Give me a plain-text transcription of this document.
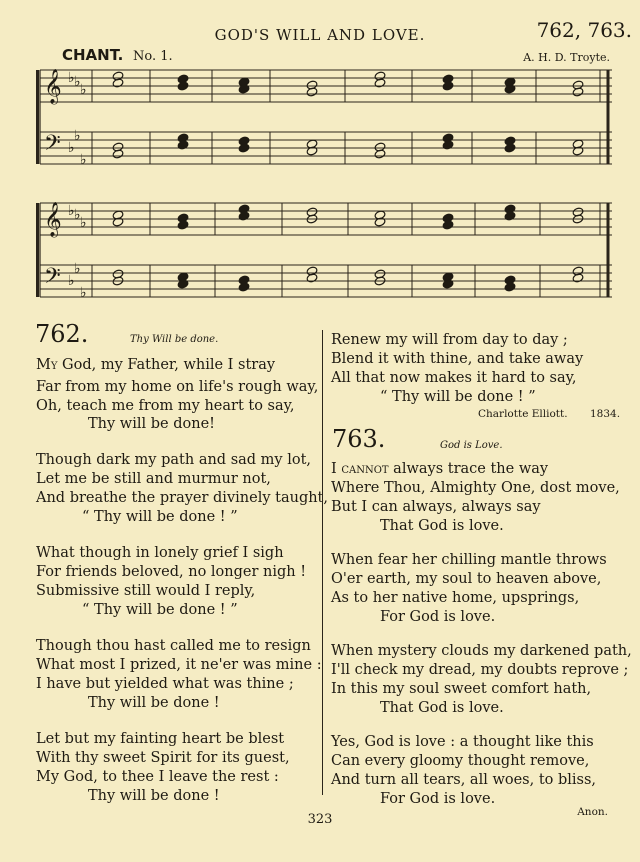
GOD'S WILL AND LOVE.	762, 763.
CHANT. No. 1.	A. H. D. Troyte.
𝄞 ♭ ♭ ♭
𝄢 ♭
♭
♭
𝄞 ♭ ♭ ♭
𝄢 ♭
♭
♭
762.	Thy Will be done.
My God, my Father, while I stray
Far from my home on life's rough way,
Oh, teach me from my heart to say,
Thy will be done!
Though dark my path and sad my lot,
Let me be still and murmur not,
And breathe the prayer divinely taught,
“ Thy will be done ! ”
What though in lonely grief I sigh
For friends beloved, no longer nigh !
Submissive still would I reply,
“ Thy will be done ! ”
Though thou hast called me to resign
What most I prized, it ne'er was mine :
I have but yielded what was thine ;
Thy will be done !
Let but my fainting heart be blest
With thy sweet Spirit for its guest,
My God, to thee I leave the rest :
Thy will be done !
Renew my will from day to day ;
Blend it with thine, and take away
All that now makes it hard to say,
“ Thy will be done ! ”
Charlotte Elliott. 1834.
763.	God is Love.
I cannot always trace the way
Where Thou, Almighty One, dost move,
But I can always, always say
That God is love.
When fear her chilling mantle throws
O'er earth, my soul to heaven above,
As to her native home, upsprings,
For God is love.
When mystery clouds my darkened path,
I'll check my dread, my doubts reprove ;
In this my soul sweet comfort hath,
That God is love.
Yes, God is love : a thought like this
Can every gloomy thought remove,
And turn all tears, all woes, to bliss,
For God is love.
Anon.
323
